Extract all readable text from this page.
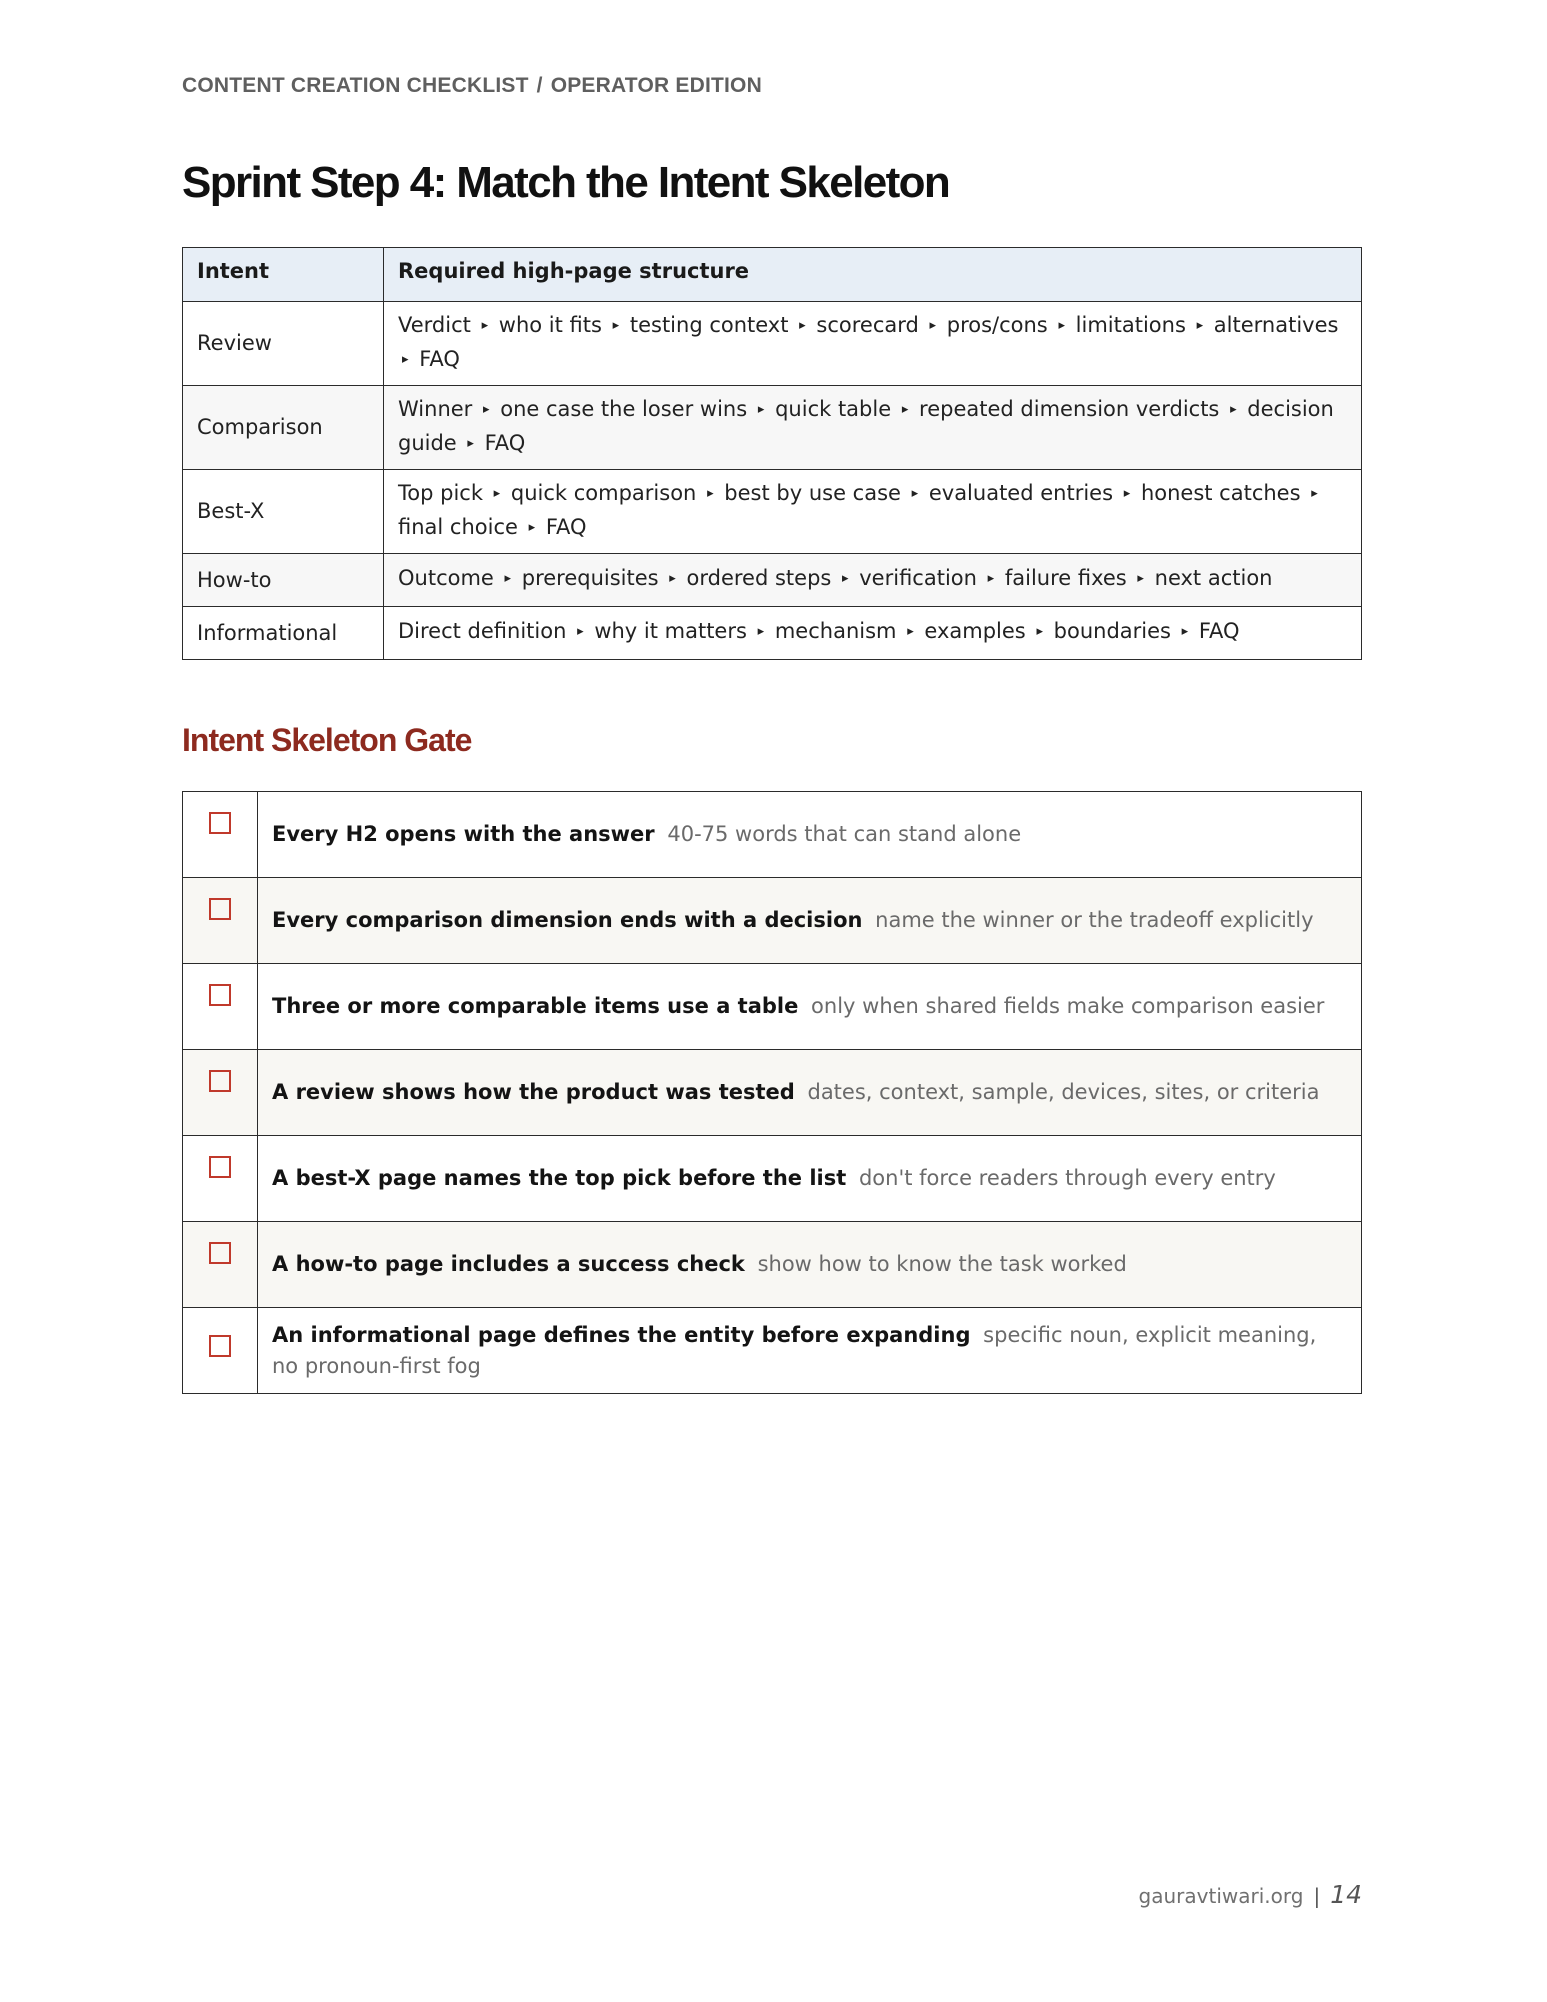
CONTENT CREATION CHECKLIST / OPERATOR EDITION
Sprint Step 4: Match the Intent Skeleton
Intent	Required high-page structure
Review	Verdict ▸ who it fits ▸ testing context ▸ scorecard ▸ pros/cons ▸ limitations ▸ alternatives ▸ FAQ
Comparison	Winner ▸ one case the loser wins ▸ quick table ▸ repeated dimension verdicts ▸ decision guide ▸ FAQ
Best-X	Top pick ▸ quick comparison ▸ best by use case ▸ evaluated entries ▸ honest catches ▸ final choice ▸ FAQ
How-to	Outcome ▸ prerequisites ▸ ordered steps ▸ verification ▸ failure fixes ▸ next action
Informational	Direct definition ▸ why it matters ▸ mechanism ▸ examples ▸ boundaries ▸ FAQ
Intent Skeleton Gate
	Every H2 opens with the answer 40-75 words that can stand alone
	Every comparison dimension ends with a decision name the winner or the tradeoff explicitly
	Three or more comparable items use a table only when shared fields make comparison easier
	A review shows how the product was tested dates, context, sample, devices, sites, or criteria
	A best-X page names the top pick before the list don't force readers through every entry
	A how-to page includes a success check show how to know the task worked
	An informational page defines the entity before expanding specific noun, explicit meaning, no pronoun-first fog
gauravtiwari.org | 14
